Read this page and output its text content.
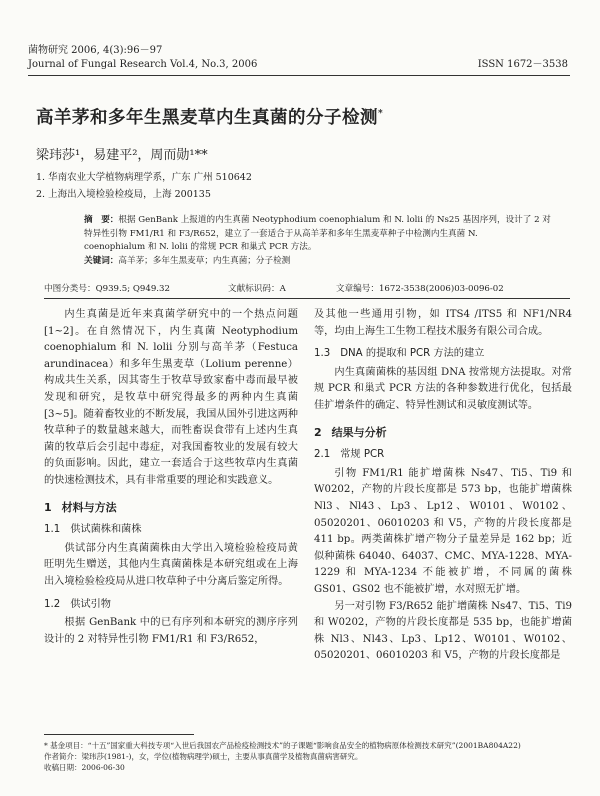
菌物研究 2006, 4(3):96－97
Journal of Fungal Research Vol.4, No.3, 2006	ISSN 1672－3538
高羊茅和多年生黑麦草内生真菌的分子检测*
梁玮莎¹，易建平²，周而勋¹**
1. 华南农业大学植物病理学系，广东 广州 510642
2. 上海出入境检验检疫局，上海 200135
摘　要：根据 GenBank 上报道的内生真菌 Neotyphodium coenophialum 和 N. lolii 的 Ns25 基因序列，设计了 2 对
特异性引物 FM1/R1 和 F3/R652，建立了一套适合于从高羊茅和多年生黑麦草种子中检测内生真菌 N.
coenophialum 和 N. lolii 的常规 PCR 和巢式 PCR 方法。
关键词：高羊茅；多年生黑麦草；内生真菌；分子检测
中图分类号：Q939.5; Q949.32	文献标识码：A	文章编号：1672-3538(2006)03-0096-02

内生真菌是近年来真菌学研究中的一个热点问题[1~2]。在自然情况下，内生真菌 Neotyphodium coenophialum 和 N. lolii 分别与高羊茅（Festuca arundinacea）和多年生黑麦草（Lolium perenne）构成共生关系，因其寄生于牧草导致家畜中毒而最早被发现和研究，是牧草中研究得最多的两种内生真菌[3~5]。随着畜牧业的不断发展，我国从国外引进这两种牧草种子的数量越来越大，而牲畜误食带有上述内生真菌的牧草后会引起中毒症，对我国畜牧业的发展有较大的负面影响。因此，建立一套适合于这些牧草内生真菌的快速检测技术，具有非常重要的理论和实践意义。

1 材料与方法
1.1 供试菌株和菌株

供试部分内生真菌菌株由大学出入境检验检疫局黄旺明先生赠送，其他内生真菌菌株是本研究组或在上海出入境检验检疫局从进口牧草种子中分离后鉴定所得。

1.2 供试引物

根据 GenBank 中的已有序列和本研究的测序序列设计的 2 对特异性引物 FM1/R1 和 F3/R652，

及其他一些通用引物，如 ITS4 /ITS5 和 NF1/NR4 等，均由上海生工生物工程技术服务有限公司合成。

1.3 DNA 的提取和 PCR 方法的建立

内生真菌菌株的基因组 DNA 按常规方法提取。对常规 PCR 和巢式 PCR 方法的各种参数进行优化，包括最佳扩增条件的确定、特异性测试和灵敏度测试等。

2 结果与分析
2.1 常规 PCR

引物 FM1/R1 能扩增菌株 Ns47、Ti5、Ti9 和 W0202，产物的片段长度都是 573 bp，也能扩增菌株 Nl3、Nl43、Lp3、Lp12、W0101、W0102、05020201、06010203 和 V5，产物的片段长度都是 411 bp。两类菌株扩增产物分子量差异是 162 bp；近似种菌株 64040、64037、CMC、MYA-1228、MYA-1229 和 MYA-1234 不能被扩增，不同属的菌株 GS01、GS02 也不能被扩增，水对照无扩增。

另一对引物 F3/R652 能扩增菌株 Ns47、Ti5、Ti9 和 W0202，产物的片段长度都是 535 bp，也能扩增菌株 Nl3、Nl43、Lp3、Lp12、W0101、W0102、05020201、06010203 和 V5，产物的片段长度都是

* 基金项目：“十五”国家重大科技专项“入世后我国农产品检疫检测技术”的子课题“影响食品安全的植物病原体检测技术研究”(2001BA804A22)
作者简介：梁玮莎(1981-)，女，学位(植物病理学)硕士，主要从事真菌学及植物真菌病害研究。
收稿日期：2006-06-30
